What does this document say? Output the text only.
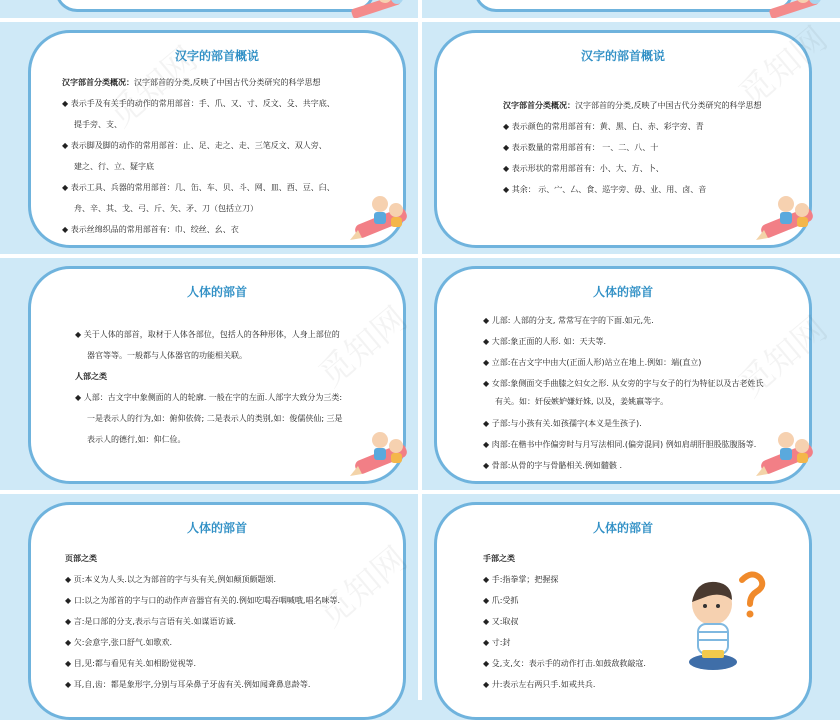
汉字的部首概说
汉字部首分类概况：汉字部首的分类,反映了中国古代分类研究的科学思想
◆ 表示手及有关手的动作的常用部首：手、爪、又、寸、反文、殳、共字底、
提手旁、支、
◆ 表示脚及脚的动作的常用部首：止、足、走之、走、三笔反文、双人旁、
建之、行、立、疑字底
◆ 表示工具、兵器的常用部首：几、缶、车、贝、斗、网、皿、酉、豆、臼、
舟、辛、其、戈、弓、斤、矢、矛、刀（包括立刀）
◆ 表示丝绵织品的常用部首有：巾、绞丝、幺、衣
汉字的部首概说
汉字部首分类概况：汉字部首的分类,反映了中国古代分类研究的科学思想
◆ 表示颜色的常用部首有：黄、黑、白、赤、彩字旁、青
◆ 表示数量的常用部首有： 一、二、八、十
◆ 表示形状的常用部首有：小、大、方、卜、
◆ 其余： 示、宀、厶、食、巡字旁、毋、业、用、卤、音
人体的部首
◆ 关于人体的部首，取材于人体各部位，包括人的各种形体，人身上部位的
器官等等。一般都与人体器官的功能相关联。
人部之类
◆ 人部：古文字中象侧面的人的轮廓. 一般在字的左面.人部字大致分为三类:
一是表示人的行为,如：俯仰依倚; 二是表示人的类别,如：俊儒侠仙; 三是
表示人的德行,如：仰仁俭。
人体的部首
◆ 儿部: 人部的分支, 常常写在字的下面.如元,先.
◆ 大部:象正面的人形. 如：天夫等.
◆ 立部:在古文字中由大(正面人形)站立在地上.例如：端(直立)
◆ 女部:象侧面交手曲膝之妇女之形. 从女旁的字与女子的行为特征以及古老姓氏
有关。如：奸佞嫉妒嫌好姝, 以及，姜姚嬴等字。
◆ 子部:与小孩有关.如孩孺字(本义是生孩子).
◆ 肉部:在楷书中作偏旁时与月写法相同.(偏旁混同) 例如肩胡肝胆股肱腹肠等.
◆ 骨部:从骨的字与骨骼相关.例如髓骸 .
人体的部首
页部之类
◆ 页:本义为人头.以之为部首的字与头有关,例如颠顶颇题颂.
◆ 口:以之为部首的字与口的动作声音器官有关的.例如吃喝吞咽喊哦,唱名味等.
◆ 言:是口部的分支,表示与言语有关.如谋语访诚.
◆ 欠:会意字,张口舒气.如歌欢.
◆ 目,见:都与看见有关.如相盼觉视等.
◆ 耳,自,齿：都是象形字,分别与耳朵鼻子牙齿有关.例如闻聋鼻息龄等.
人体的部首
手部之类
◆ 手:指拳掌；把握探
◆ 爪:受抓
◆ 又:取叔
◆ 寸:封
◆ 殳,支,攵：表示手的动作打击.如鼓敌救敲寇.
◆ 廾:表示左右两只手.如戒共兵.
